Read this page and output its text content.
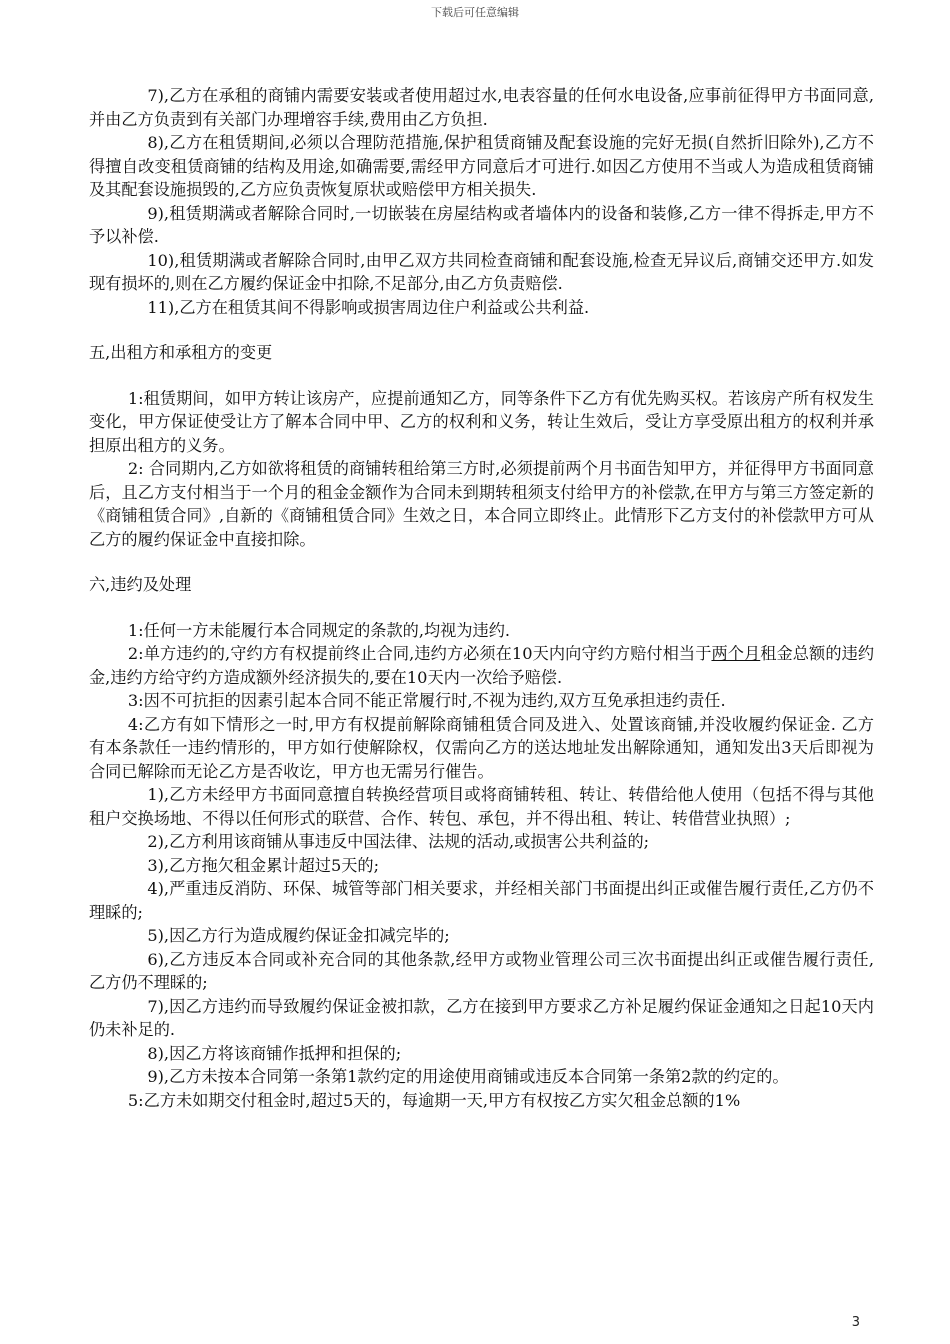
下载后可任意编辑

7),乙方在承租的商铺内需要安装或者使用超过水,电表容量的任何水电设备,应事前征得甲方书面同意,并由乙方负责到有关部门办理增容手续,费用由乙方负担.

8),乙方在租赁期间,必须以合理防范措施,保护租赁商铺及配套设施的完好无损(自然折旧除外),乙方不得擅自改变租赁商铺的结构及用途,如确需要,需经甲方同意后才可进行.如因乙方使用不当或人为造成租赁商铺及其配套设施损毁的,乙方应负责恢复原状或赔偿甲方相关损失.

9),租赁期满或者解除合同时,一切嵌装在房屋结构或者墙体内的设备和装修,乙方一律不得拆走,甲方不予以补偿.

10),租赁期满或者解除合同时,由甲乙双方共同检查商铺和配套设施,检查无异议后,商铺交还甲方.如发现有损坏的,则在乙方履约保证金中扣除,不足部分,由乙方负责赔偿.

11),乙方在租赁其间不得影响或损害周边住户利益或公共利益.

五,出租方和承租方的变更

1:租赁期间，如甲方转让该房产，应提前通知乙方，同等条件下乙方有优先购买权。若该房产所有权发生变化，甲方保证使受让方了解本合同中甲、乙方的权利和义务，转让生效后，受让方享受原出租方的权利并承担原出租方的义务。

2: 合同期内,乙方如欲将租赁的商铺转租给第三方时,必须提前两个月书面告知甲方，并征得甲方书面同意后，且乙方支付相当于一个月的租金金额作为合同未到期转租须支付给甲方的补偿款,在甲方与第三方签定新的《商铺租赁合同》,自新的《商铺租赁合同》生效之日，本合同立即终止。此情形下乙方支付的补偿款甲方可从乙方的履约保证金中直接扣除。

六,违约及处理

1:任何一方未能履行本合同规定的条款的,均视为违约.

2:单方违约的,守约方有权提前终止合同,违约方必须在10天内向守约方赔付相当于两个月租金总额的违约金,违约方给守约方造成额外经济损失的,要在10天内一次给予赔偿.

3:因不可抗拒的因素引起本合同不能正常履行时,不视为违约,双方互免承担违约责任.

4:乙方有如下情形之一时,甲方有权提前解除商铺租赁合同及进入、处置该商铺,并没收履约保证金. 乙方有本条款任一违约情形的，甲方如行使解除权，仅需向乙方的送达地址发出解除通知，通知发出3天后即视为合同已解除而无论乙方是否收讫，甲方也无需另行催告。

1),乙方未经甲方书面同意擅自转换经营项目或将商铺转租、转让、转借给他人使用（包括不得与其他租户交换场地、不得以任何形式的联营、合作、转包、承包，并不得出租、转让、转借营业执照）;

2),乙方利用该商铺从事违反中国法律、法规的活动,或损害公共利益的;

3),乙方拖欠租金累计超过5天的;

4),严重违反消防、环保、城管等部门相关要求，并经相关部门书面提出纠正或催告履行责任,乙方仍不理睬的;

5),因乙方行为造成履约保证金扣减完毕的;

6),乙方违反本合同或补充合同的其他条款,经甲方或物业管理公司三次书面提出纠正或催告履行责任,乙方仍不理睬的;

7),因乙方违约而导致履约保证金被扣款，乙方在接到甲方要求乙方补足履约保证金通知之日起10天内仍未补足的.

8),因乙方将该商铺作抵押和担保的;

9),乙方未按本合同第一条第1款约定的用途使用商铺或违反本合同第一条第2款的约定的。

5:乙方未如期交付租金时,超过5天的，每逾期一天,甲方有权按乙方实欠租金总额的1%

3
